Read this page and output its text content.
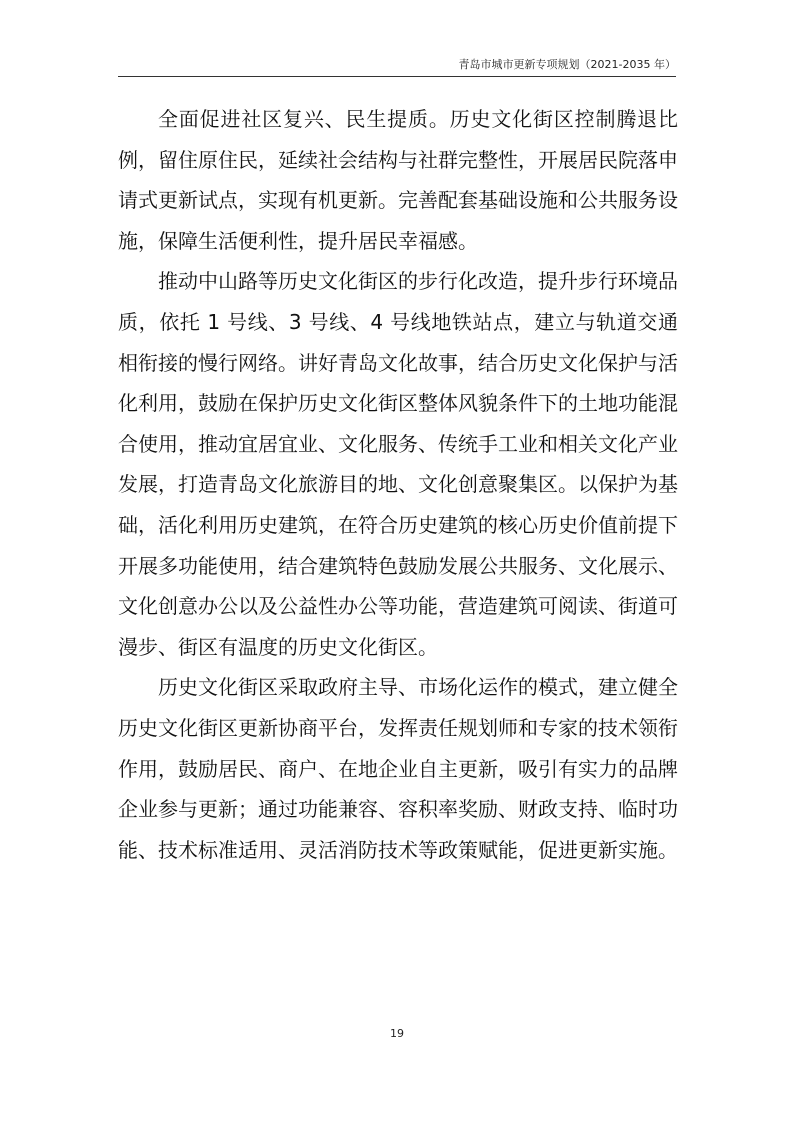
青岛市城市更新专项规划（2021-2035 年）

全面促进社区复兴、民生提质。历史文化街区控制腾退比例，留住原住民，延续社会结构与社群完整性，开展居民院落申请式更新试点，实现有机更新。完善配套基础设施和公共服务设施，保障生活便利性，提升居民幸福感。

推动中山路等历史文化街区的步行化改造，提升步行环境品质，依托 1 号线、3 号线、4 号线地铁站点，建立与轨道交通相衔接的慢行网络。讲好青岛文化故事，结合历史文化保护与活化利用，鼓励在保护历史文化街区整体风貌条件下的土地功能混合使用，推动宜居宜业、文化服务、传统手工业和相关文化产业发展，打造青岛文化旅游目的地、文化创意聚集区。以保护为基础，活化利用历史建筑，在符合历史建筑的核心历史价值前提下开展多功能使用，结合建筑特色鼓励发展公共服务、文化展示、文化创意办公以及公益性办公等功能，营造建筑可阅读、街道可漫步、街区有温度的历史文化街区。

历史文化街区采取政府主导、市场化运作的模式，建立健全历史文化街区更新协商平台，发挥责任规划师和专家的技术领衔作用，鼓励居民、商户、在地企业自主更新，吸引有实力的品牌企业参与更新；通过功能兼容、容积率奖励、财政支持、临时功能、技术标准适用、灵活消防技术等政策赋能，促进更新实施。

19
